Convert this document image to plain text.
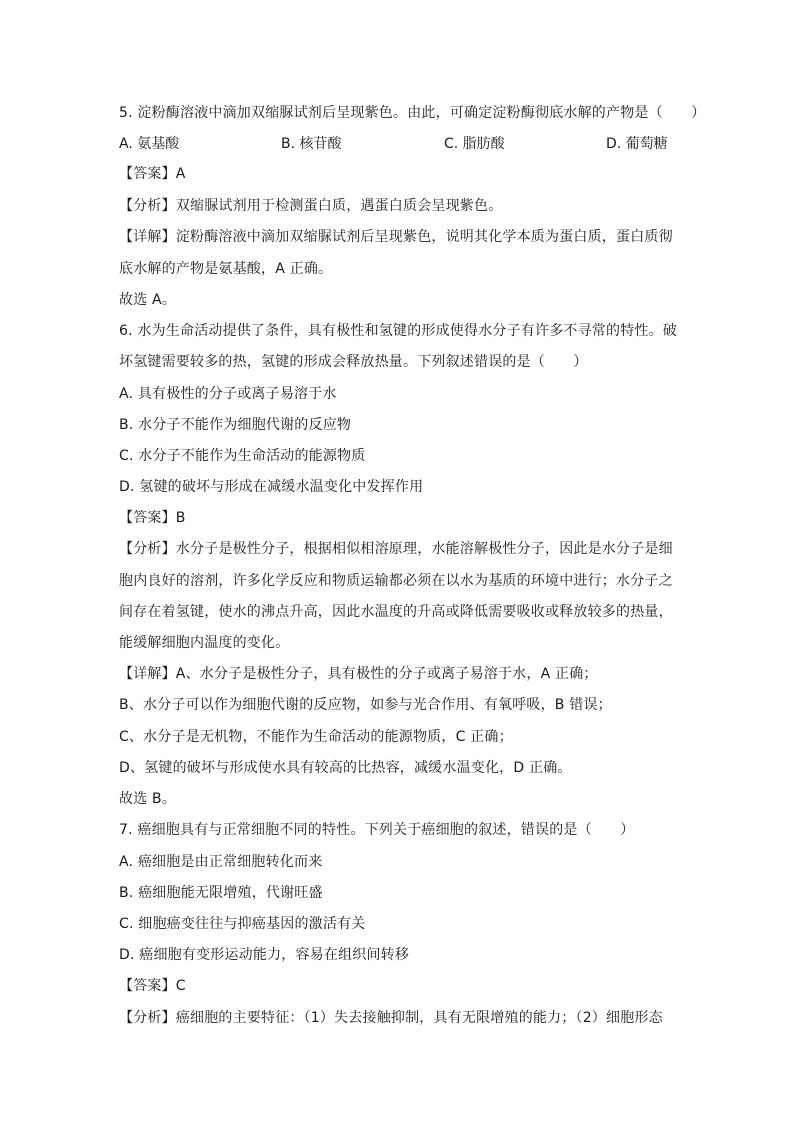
5. 淀粉酶溶液中滴加双缩脲试剂后呈现紫色。由此，可确定淀粉酶彻底水解的产物是（　　）
A. 氨基酸	B. 核苷酸	C. 脂肪酸	D. 葡萄糖
【答案】A
【分析】双缩脲试剂用于检测蛋白质，遇蛋白质会呈现紫色。
【详解】淀粉酶溶液中滴加双缩脲试剂后呈现紫色，说明其化学本质为蛋白质，蛋白质彻
底水解的产物是氨基酸，A 正确。
故选 A。
6. 水为生命活动提供了条件，具有极性和氢键的形成使得水分子有许多不寻常的特性。破
坏氢键需要较多的热，氢键的形成会释放热量。下列叙述错误的是（　　）
A. 具有极性的分子或离子易溶于水
B. 水分子不能作为细胞代谢的反应物
C. 水分子不能作为生命活动的能源物质
D. 氢键的破坏与形成在减缓水温变化中发挥作用
【答案】B
【分析】水分子是极性分子，根据相似相溶原理，水能溶解极性分子，因此是水分子是细
胞内良好的溶剂，许多化学反应和物质运输都必须在以水为基质的环境中进行；水分子之
间存在着氢键，使水的沸点升高，因此水温度的升高或降低需要吸收或释放较多的热量，
能缓解细胞内温度的变化。
【详解】A、水分子是极性分子，具有极性的分子或离子易溶于水，A 正确；
B、水分子可以作为细胞代谢的反应物，如参与光合作用、有氧呼吸，B 错误；
C、水分子是无机物，不能作为生命活动的能源物质，C 正确；
D、氢键的破坏与形成使水具有较高的比热容，减缓水温变化，D 正确。
故选 B。
7. 癌细胞具有与正常细胞不同的特性。下列关于癌细胞的叙述，错误的是（　　）
A. 癌细胞是由正常细胞转化而来
B. 癌细胞能无限增殖，代谢旺盛
C. 细胞癌变往往与抑癌基因的激活有关
D. 癌细胞有变形运动能力，容易在组织间转移
【答案】C
【分析】癌细胞的主要特征：（1）失去接触抑制，具有无限增殖的能力；（2）细胞形态
